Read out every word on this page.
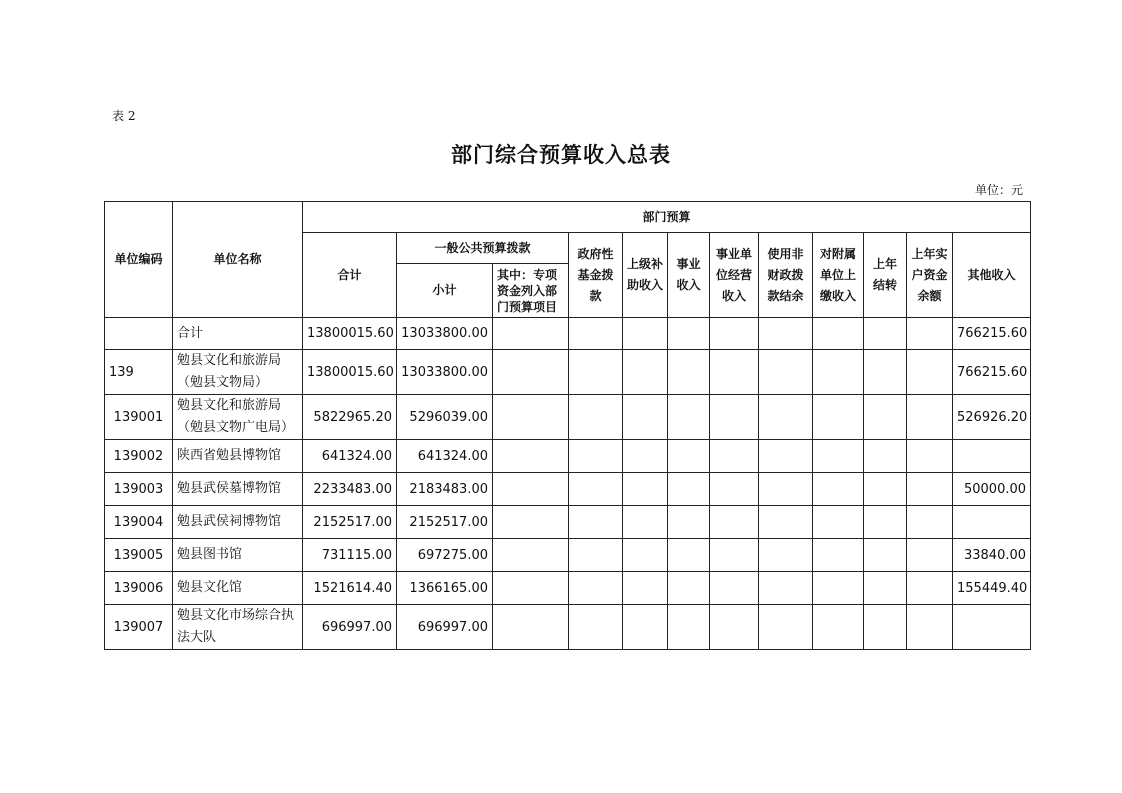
表 2
部门综合预算收入总表
单位：元
单位编码	单位名称	部门预算											
		合计	一般公共预算拨款		政府性基金拨款	上级补助收入	事业收入	事业单位经营收入	使用非财政拨款结余	对附属单位上缴收入	上年结转	上年实户资金余额	其他收入
			小计	其中：专项资金列入部门预算项目									
	合计	13800015.60	13033800.00										766215.60
139	勉县文化和旅游局（勉县文物局）	13800015.60	13033800.00										766215.60
139001	勉县文化和旅游局（勉县文物广电局）	5822965.20	5296039.00										526926.20
139002	陕西省勉县博物馆	641324.00	641324.00										
139003	勉县武侯墓博物馆	2233483.00	2183483.00										50000.00
139004	勉县武侯祠博物馆	2152517.00	2152517.00										
139005	勉县图书馆	731115.00	697275.00										33840.00
139006	勉县文化馆	1521614.40	1366165.00										155449.40
139007	勉县文化市场综合执法大队	696997.00	696997.00										
